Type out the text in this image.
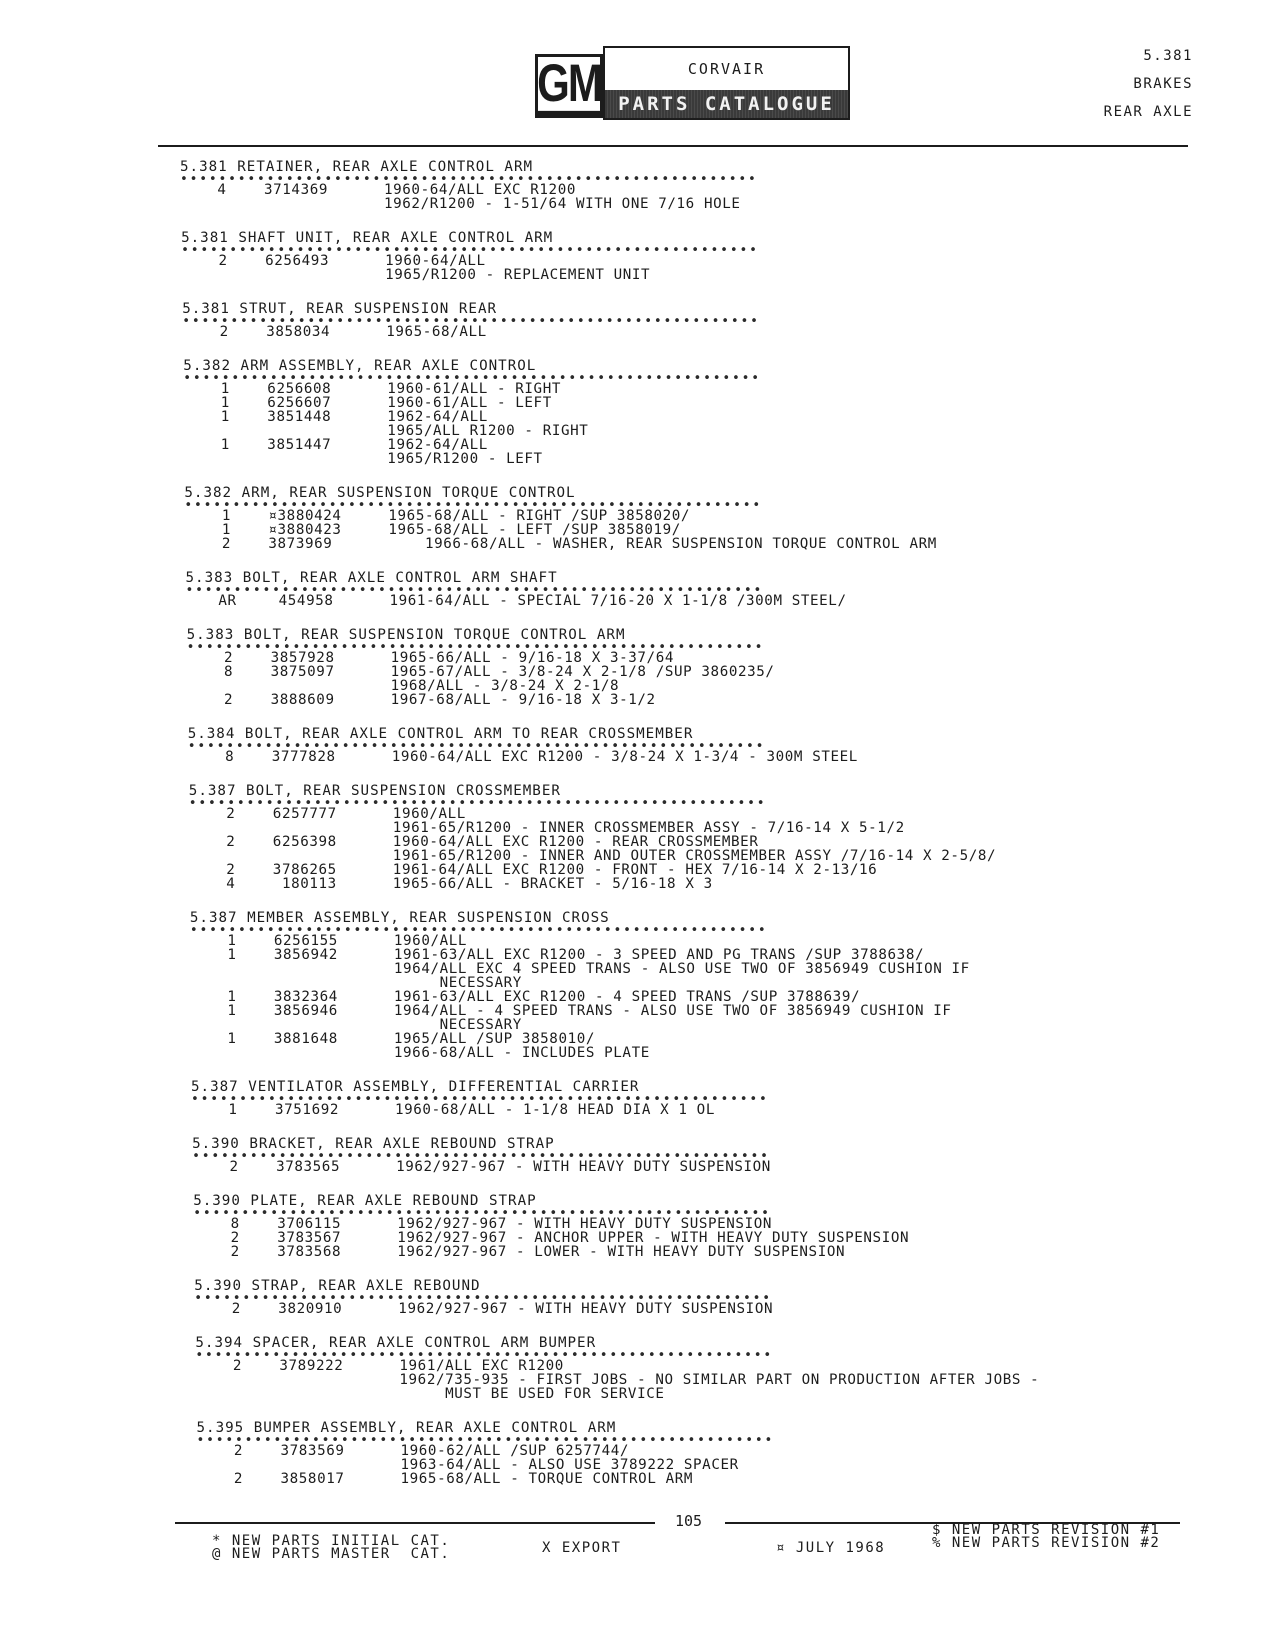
GM	CORVAIR
PARTS CATALOGUE
5.381
BRAKES
REAR AXLE
5.381 RETAINER, REAR AXLE CONTROL ARM
4	3714369	1960-64/ALL EXC R1200
1962/R1200 - 1-51/64 WITH ONE 7/16 HOLE
5.381 SHAFT UNIT, REAR AXLE CONTROL ARM
2	6256493	1960-64/ALL
1965/R1200 - REPLACEMENT UNIT
5.381 STRUT, REAR SUSPENSION REAR
2	3858034	1965-68/ALL
5.382 ARM ASSEMBLY, REAR AXLE CONTROL
1	6256608	1960-61/ALL - RIGHT
1	6256607	1960-61/ALL - LEFT
1	3851448	1962-64/ALL
1965/ALL R1200 - RIGHT
1	3851447	1962-64/ALL
1965/R1200 - LEFT
5.382 ARM, REAR SUSPENSION TORQUE CONTROL
1	¤3880424	1965-68/ALL - RIGHT /SUP 3858020/
1	¤3880423	1965-68/ALL - LEFT /SUP 3858019/
2	3873969	1966-68/ALL - WASHER, REAR SUSPENSION TORQUE CONTROL ARM
5.383 BOLT, REAR AXLE CONTROL ARM SHAFT
AR	454958	1961-64/ALL - SPECIAL 7/16-20 X 1-1/8 /300M STEEL/
5.383 BOLT, REAR SUSPENSION TORQUE CONTROL ARM
2	3857928	1965-66/ALL - 9/16-18 X 3-37/64
8	3875097	1965-67/ALL - 3/8-24 X 2-1/8 /SUP 3860235/
1968/ALL - 3/8-24 X 2-1/8
2	3888609	1967-68/ALL - 9/16-18 X 3-1/2
5.384 BOLT, REAR AXLE CONTROL ARM TO REAR CROSSMEMBER
8	3777828	1960-64/ALL EXC R1200 - 3/8-24 X 1-3/4 - 300M STEEL
5.387 BOLT, REAR SUSPENSION CROSSMEMBER
2	6257777	1960/ALL
1961-65/R1200 - INNER CROSSMEMBER ASSY - 7/16-14 X 5-1/2
2	6256398	1960-64/ALL EXC R1200 - REAR CROSSMEMBER
1961-65/R1200 - INNER AND OUTER CROSSMEMBER ASSY /7/16-14 X 2-5/8/
2	3786265	1961-64/ALL EXC R1200 - FRONT - HEX 7/16-14 X 2-13/16
4	180113	1965-66/ALL - BRACKET - 5/16-18 X 3
5.387 MEMBER ASSEMBLY, REAR SUSPENSION CROSS
1	6256155	1960/ALL
1	3856942	1961-63/ALL EXC R1200 - 3 SPEED AND PG TRANS /SUP 3788638/
1964/ALL EXC 4 SPEED TRANS - ALSO USE TWO OF 3856949 CUSHION IF
NECESSARY
1	3832364	1961-63/ALL EXC R1200 - 4 SPEED TRANS /SUP 3788639/
1	3856946	1964/ALL - 4 SPEED TRANS - ALSO USE TWO OF 3856949 CUSHION IF
NECESSARY
1	3881648	1965/ALL /SUP 3858010/
1966-68/ALL - INCLUDES PLATE
5.387 VENTILATOR ASSEMBLY, DIFFERENTIAL CARRIER
1	3751692	1960-68/ALL - 1-1/8 HEAD DIA X 1 OL
5.390 BRACKET, REAR AXLE REBOUND STRAP
2	3783565	1962/927-967 - WITH HEAVY DUTY SUSPENSION
5.390 PLATE, REAR AXLE REBOUND STRAP
8	3706115	1962/927-967 - WITH HEAVY DUTY SUSPENSION
2	3783567	1962/927-967 - ANCHOR UPPER - WITH HEAVY DUTY SUSPENSION
2	3783568	1962/927-967 - LOWER - WITH HEAVY DUTY SUSPENSION
5.390 STRAP, REAR AXLE REBOUND
2	3820910	1962/927-967 - WITH HEAVY DUTY SUSPENSION
5.394 SPACER, REAR AXLE CONTROL ARM BUMPER
2	3789222	1961/ALL EXC R1200
1962/735-935 - FIRST JOBS - NO SIMILAR PART ON PRODUCTION AFTER JOBS -
MUST BE USED FOR SERVICE
5.395 BUMPER ASSEMBLY, REAR AXLE CONTROL ARM
2	3783569	1960-62/ALL /SUP 6257744/
1963-64/ALL - ALSO USE 3789222 SPACER
2	3858017	1965-68/ALL - TORQUE CONTROL ARM
105
* NEW PARTS INITIAL CAT.
@ NEW PARTS MASTER  CAT.	X EXPORT	¤ JULY 1968
$ NEW PARTS REVISION #1
% NEW PARTS REVISION #2
